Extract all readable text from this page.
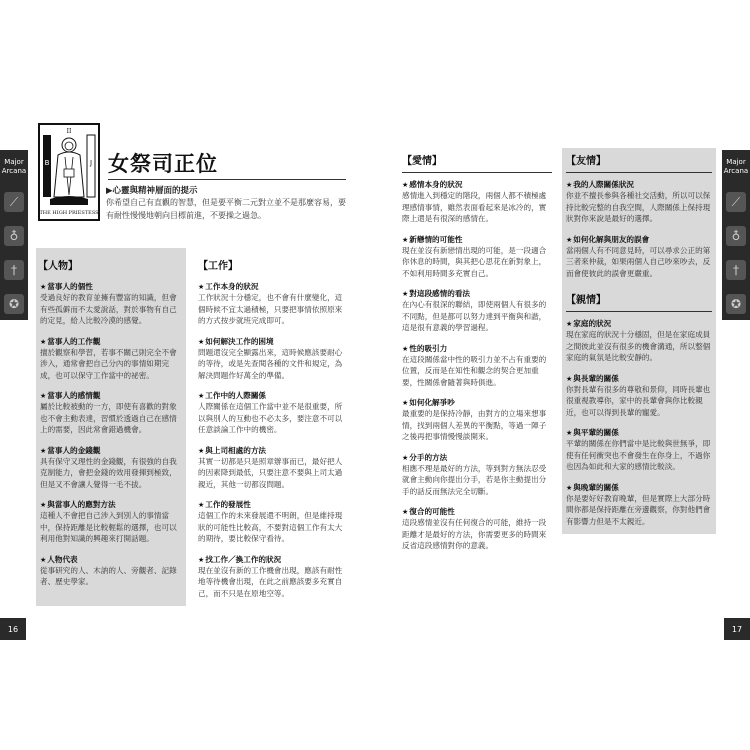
Major
Arcana
⟋
♁
†
✪
16
Major
Arcana
⟋
♁
†
✪
17
B	J
II
THE HIGH PRIESTESS
女祭司正位
▶心靈與精神層面的提示
你希望自己有直觀的智慧，但是要平衡二元對立並不是那麼容易，要有耐性慢慢地朝向目標前進，不要操之過急。
【人物】
★ 當事人的個性
受過良好的教育並擁有豐富的知識，但會有些孤僻而不太愛說話，對於事物有自己的定見，給人比較冷漠的感覺。
★ 當事人的工作觀
擅於觀察和學習，若事不關己則完全不會涉入，通常會把自己分內的事情如期完成，也可以保守工作當中的祕密。
★ 當事人的感情觀
屬於比較被動的一方，即使有喜歡的對象也不會主動表達，習慣於透過自己在感情上的需要，因此常會錯過機會。
★ 當事人的金錢觀
具有保守又理性的金錢觀，有很強的自我克制能力，會把金錢的效用發揮到極致，但是又不會讓人覺得一毛不拔。
★ 與當事人的應對方法
這種人不會把自己涉入到別人的事情當中，保持距離是比較輕鬆的選擇，也可以利用他對知識的興趣來打開話題。
★ 人物代表
從事研究的人、木訥的人、旁觀者、記錄者、歷史學家。
【工作】
★ 工作本身的狀況
工作狀況十分穩定，也不會有什麼變化，這個時候不宜太過積極，只要把事情依照原來的方式按步就班完成即可。
★ 如何解決工作的困境
問題還沒完全顯露出來，這時候應該要耐心的等待，或是先查閱各種的文件和規定，為解決問題作好萬全的準備。
★ 工作中的人際關係
人際關係在這個工作當中並不是很重要，所以與別人的互動也不必太多，要注意不可以任意談論工作中的機密。
★ 與上司相處的方法
其實一切都是只是照章辦事而已，最好把人的因素降到最低，只要注意不要與上司太過親近，其他一切都沒問題。
★ 工作的發展性
這個工作的未來發展還不明朗，但是維持現狀的可能性比較高，不要對這個工作有太大的期待，要比較保守看待。
★ 找工作／換工作的狀況
現在並沒有新的工作機會出現，應該有耐性地等待機會出現，在此之前應該要多充實自己，而不只是在原地空等。
【愛情】
★ 感情本身的狀況
感情進入到穩定的階段，兩個人都不積極處理感情事情，雖然表面看起來是冰冷的，實際上還是有很深的感情在。
★ 新戀情的可能性
現在並沒有新戀情出現的可能，是一段適合你休息的時間，與其把心思花在新對象上，不如利用時間多充實自己。
★ 對這段感情的看法
在內心有很深的聯結，即使兩個人有很多的不同點，但是都可以努力達到平衡與和諧，這是很有意義的學習過程。
★ 性的吸引力
在這段關係當中性的吸引力並不占有重要的位置，反而是在知性和觀念的契合更加重要，性關係會隨著與時俱進。
★ 如何化解爭吵
最重要的是保持冷靜，由對方的立場來想事情，找到兩個人差異的平衡點，等過一陣子之後再把事情慢慢談開來。
★ 分手的方法
相應不理是最好的方法，等到對方無法忍受就會主動向你提出分手，若是你主動提出分手的話反而無法完全切斷。
★ 復合的可能性
這段感情並沒有任何復合的可能，維持一段距離才是最好的方法，你需要更多的時間來反省這段感情對你的意義。
【友情】
★ 我的人際關係狀況
你並不擅長參與各種社交活動，所以可以保持比較完整的自我空間，人際關係上保持現狀對你來說是最好的選擇。
★ 如何化解與朋友的誤會
當兩個人有不同意見時，可以尋求公正的第三者來仲裁，如果兩個人自己吵來吵去，反而會使彼此的誤會更嚴重。
【親情】
★ 家庭的狀況
現在家庭的狀況十分穩固，但是在家庭成員之間彼此並沒有很多的機會溝通，所以整個家庭的氣氛是比較安靜的。
★ 與長輩的關係
你對長輩有很多的尊敬和景仰，同時長輩也很重視教導你，家中的長輩會與你比較親近，也可以得到長輩的寵愛。
★ 與平輩的關係
平輩的關係在你們當中是比較與世無爭，即使有任何衝突也不會發生在你身上，不過你也因為如此和大家的感情比較淡。
★ 與晚輩的關係
你是要好好教育晚輩，但是實際上大部分時間你都是保持距離在旁邊觀察，你對他們會有影響力但是不太親近。
